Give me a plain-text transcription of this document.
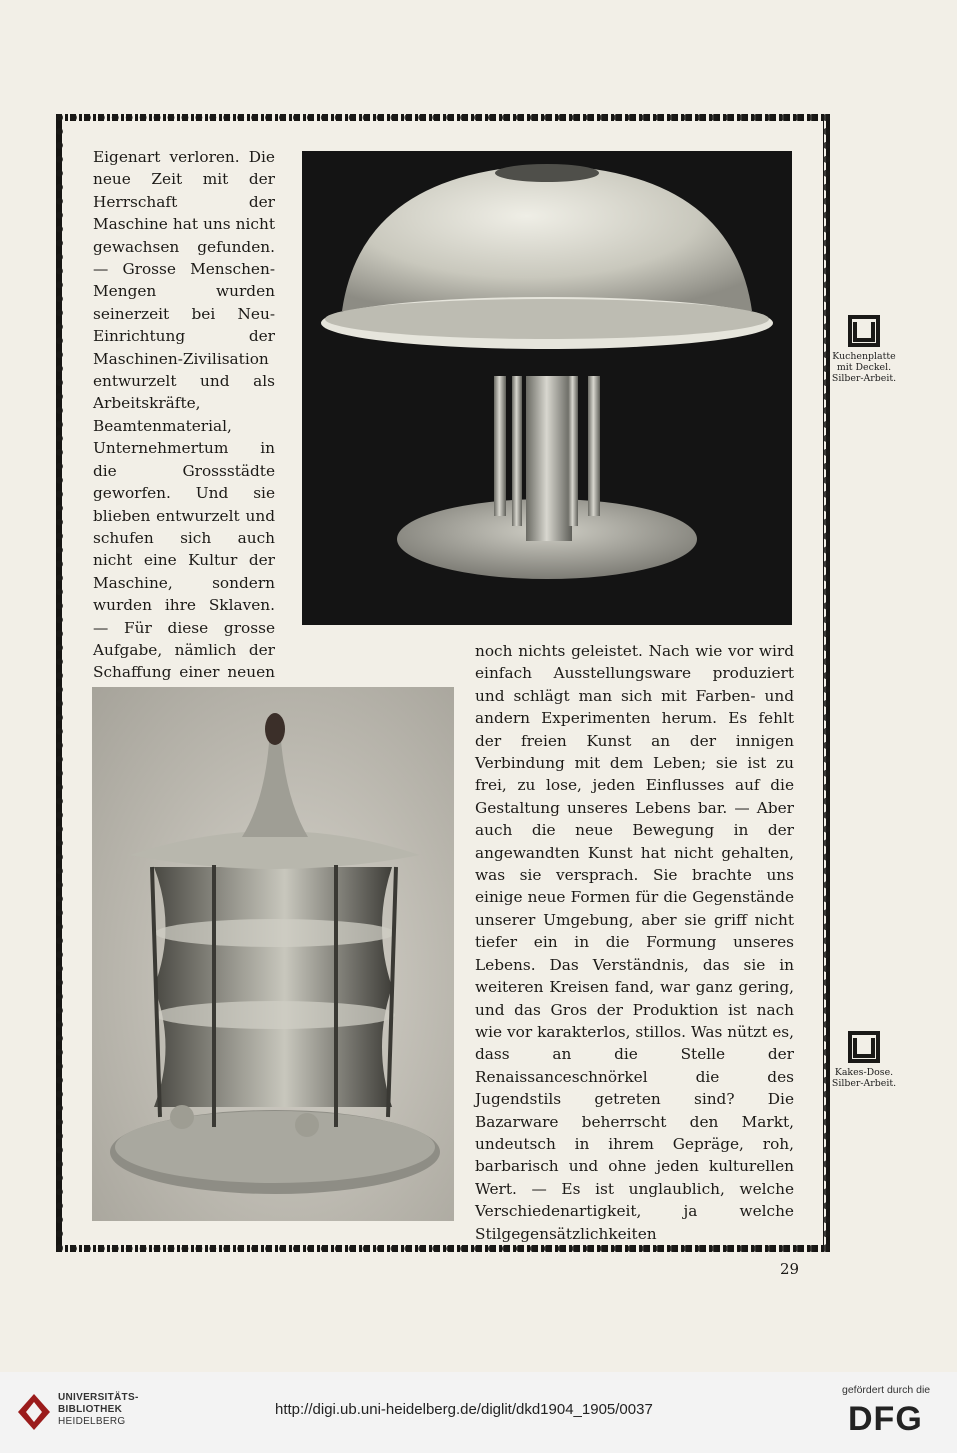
Eigenart verloren. Die neue Zeit mit der Herrschaft der Maschine hat uns nicht gewachsen gefunden. — Grosse Menschen-Mengen wurden seinerzeit bei Neu-Einrichtung der Maschinen-Zivilisation entwurzelt und als Arbeitskräfte, Beamtenmaterial, Unternehmertum in die Grossstädte geworfen. Und sie blieben entwurzelt und schufen sich auch nicht eine Kultur der Maschine, sondern wurden ihre Sklaven. — Für diese grosse Aufgabe, nämlich der Schaffung einer neuen
noch nichts geleistet. Nach wie vor wird einfach Ausstellungsware produziert und schlägt man sich mit Farben- und andern Experimenten herum. Es fehlt der freien Kunst an der innigen Verbindung mit dem Leben; sie ist zu frei, zu lose, jeden Einflusses auf die Gestaltung unseres Lebens bar. — Aber auch die neue Bewegung in der angewandten Kunst hat nicht gehalten, was sie versprach. Sie brachte uns einige neue Formen für die Gegenstände unserer Umgebung, aber sie griff nicht tiefer ein in die Formung unseres Lebens. Das Verständnis, das sie in weiteren Kreisen fand, war ganz gering, und das Gros der Produktion ist nach wie vor karakterlos, stillos. Was nützt es, dass an die Stelle der Renaissanceschnörkel die des Jugendstils getreten sind? Die Bazarware beherrscht den Markt, undeutsch in ihrem Gepräge, roh, barbarisch und ohne jeden kulturellen Wert. — Es ist unglaublich, welche Verschiedenartigkeit, ja welche Stilgegensätzlichkeiten
Kuchenplatte
mit Deckel.
Silber-Arbeit.
Kakes-Dose.
Silber-Arbeit.
29
UNIVERSITÄTS-
BIBLIOTHEK
HEIDELBERG
http://digi.ub.uni-heidelberg.de/diglit/dkd1904_1905/0037
gefördert durch die
DFG
